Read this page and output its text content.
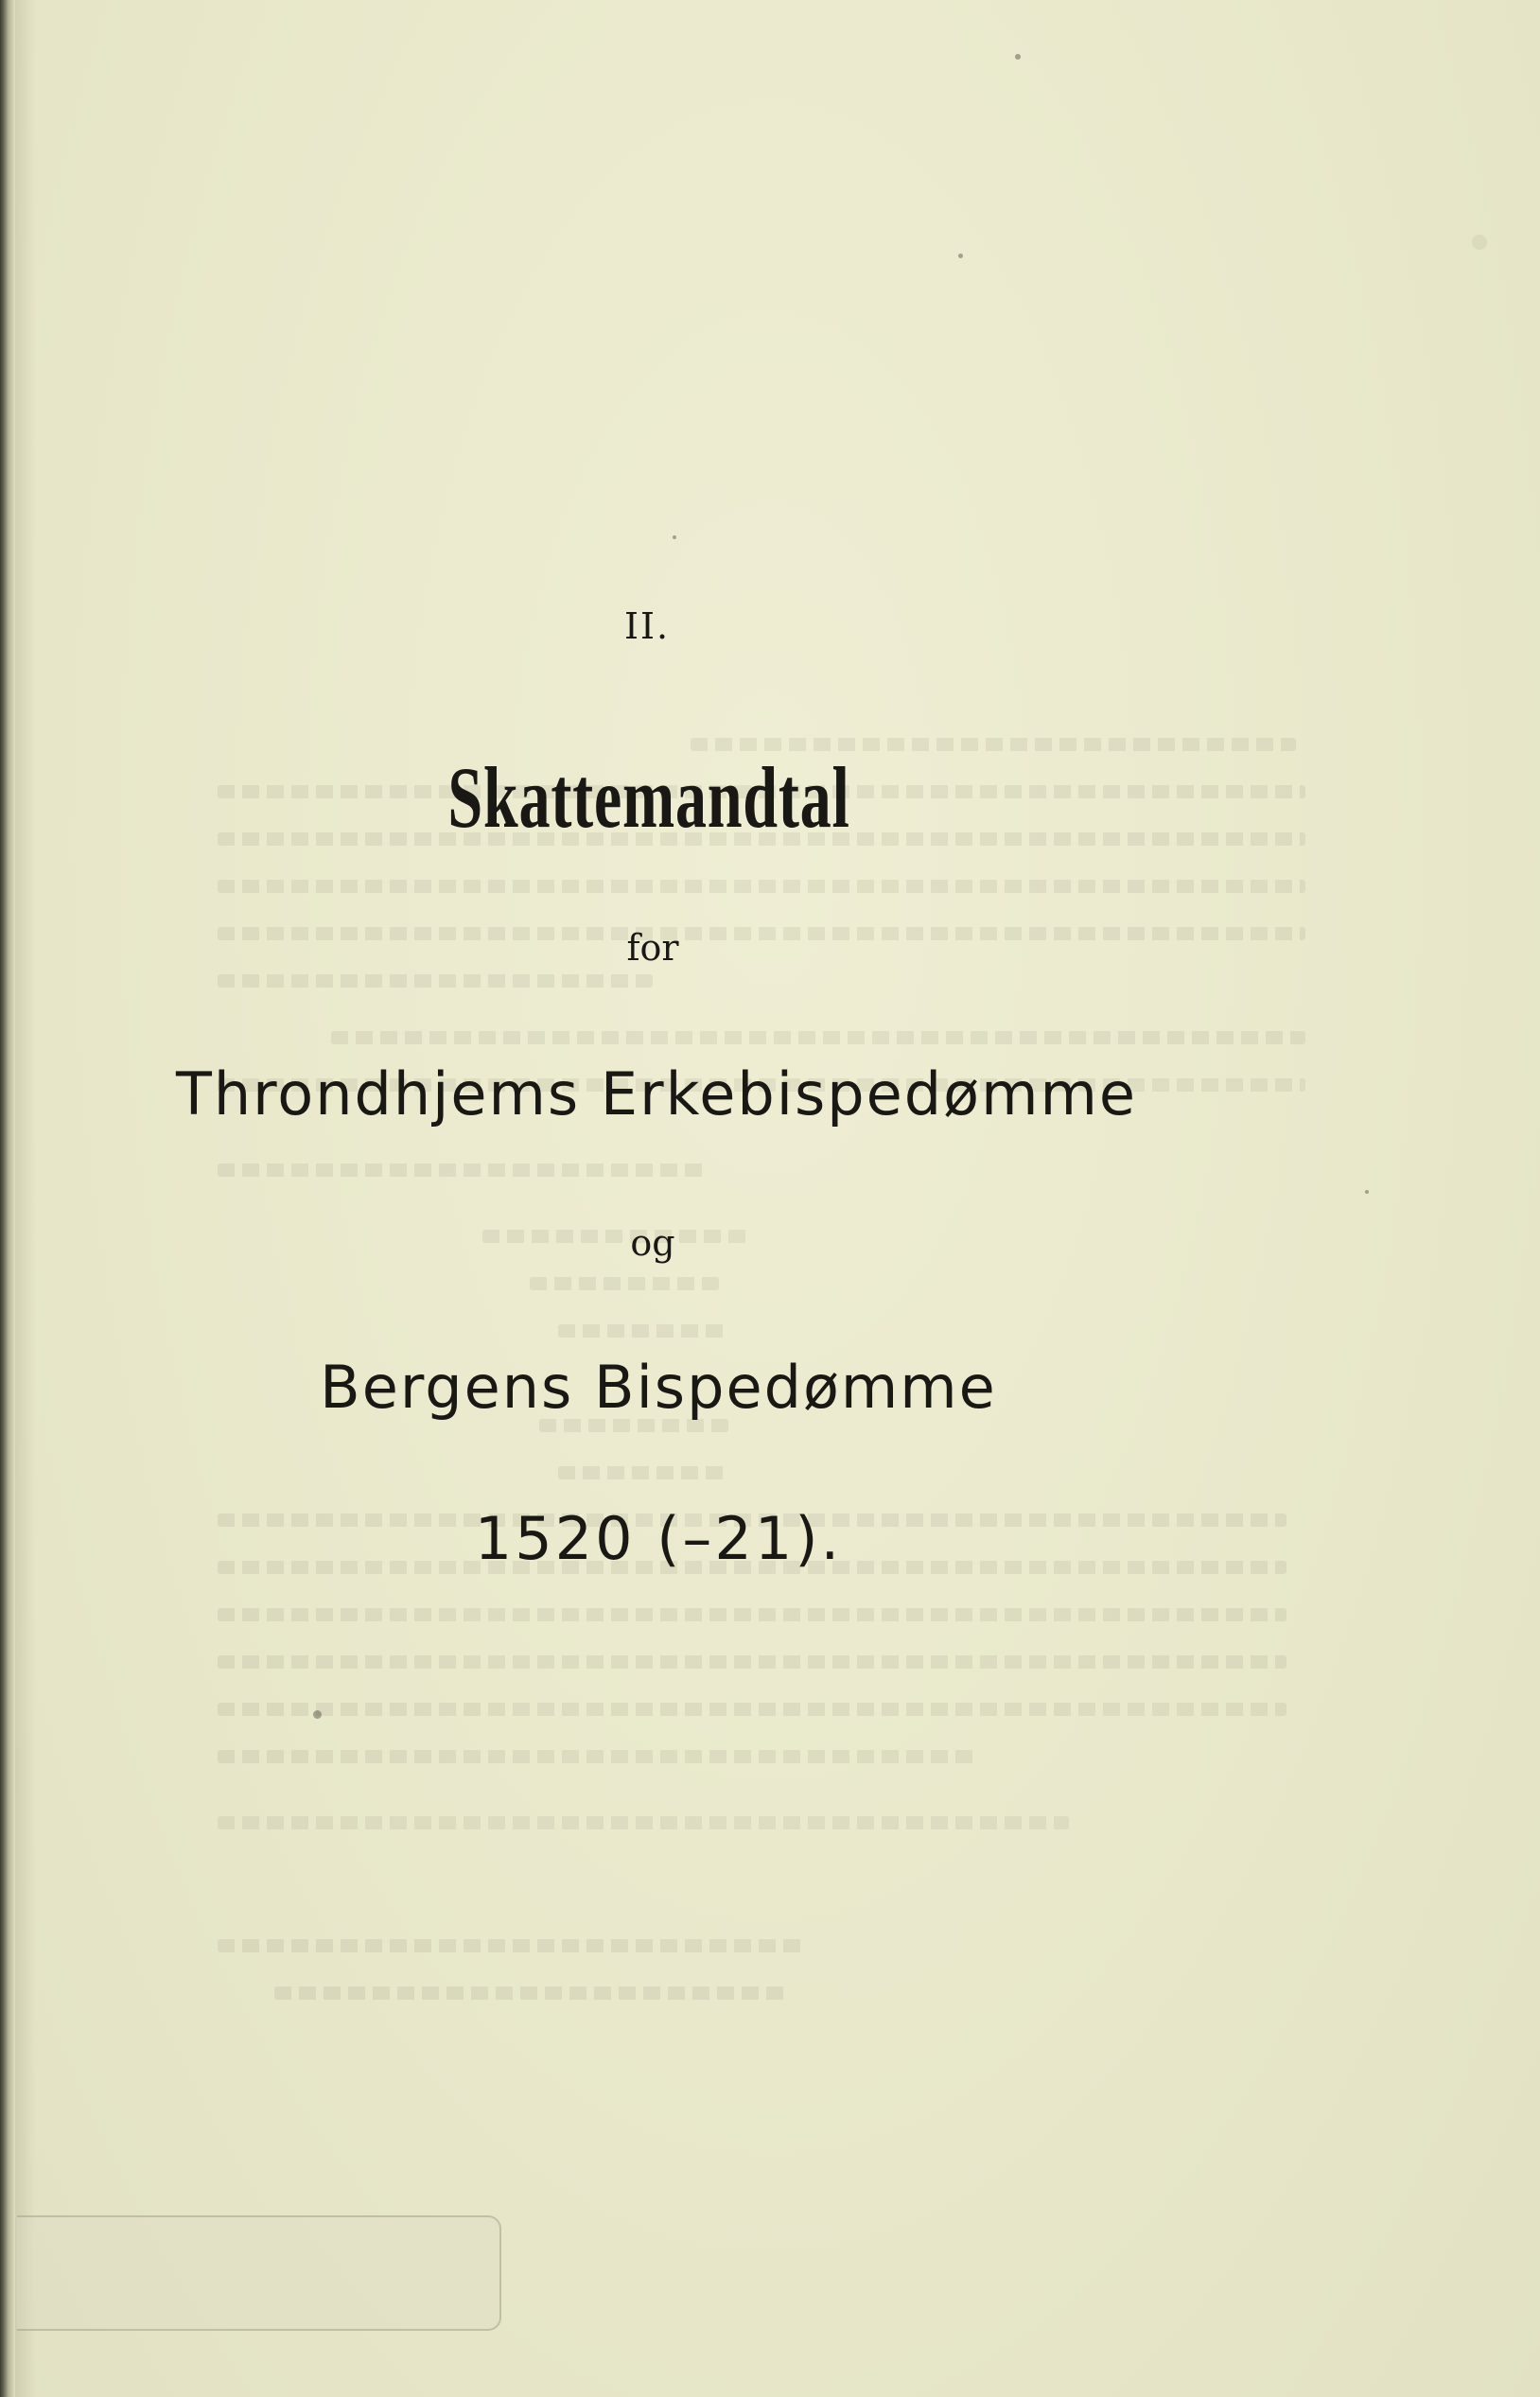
II.
Skattemandtal
for
Throndhjems Erkebispedømme
og
Bergens Bispedømme
1520 (–21).
